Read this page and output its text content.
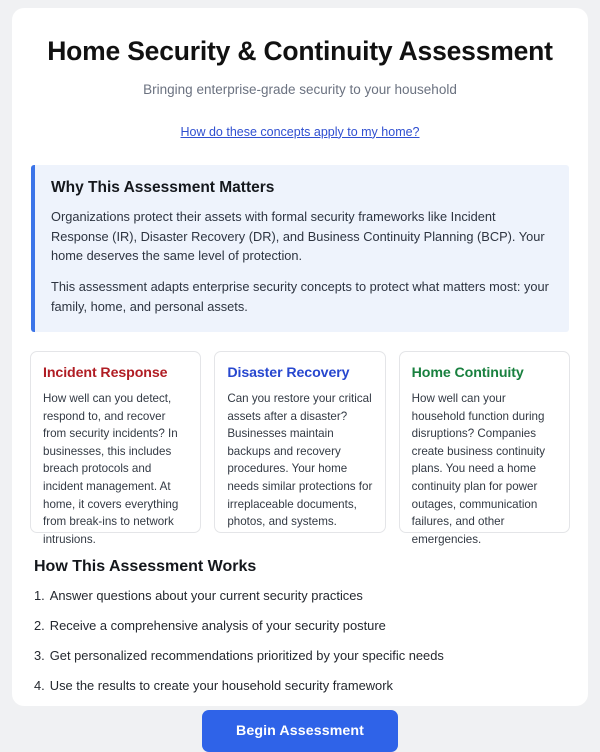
Home Security & Continuity Assessment
Bringing enterprise-grade security to your household
How do these concepts apply to my home?
Why This Assessment Matters

Organizations protect their assets with formal security frameworks like Incident Response (IR), Disaster Recovery (DR), and Business Continuity Planning (BCP). Your home deserves the same level of protection.

This assessment adapts enterprise security concepts to protect what matters most: your family, home, and personal assets.

Incident Response
How well can you detect, respond to, and recover from security incidents? In businesses, this includes breach protocols and incident management. At home, it covers everything from break-ins to network intrusions.
Disaster Recovery
Can you restore your critical assets after a disaster? Businesses maintain backups and recovery procedures. Your home needs similar protections for irreplaceable documents, photos, and systems.
Home Continuity
How well can your household function during disruptions? Companies create business continuity plans. You need a home continuity plan for power outages, communication failures, and other emergencies.
How This Assessment Works
1. Answer questions about your current security practices
2. Receive a comprehensive analysis of your security posture
3. Get personalized recommendations prioritized by your specific needs
4. Use the results to create your household security framework
Begin Assessment
